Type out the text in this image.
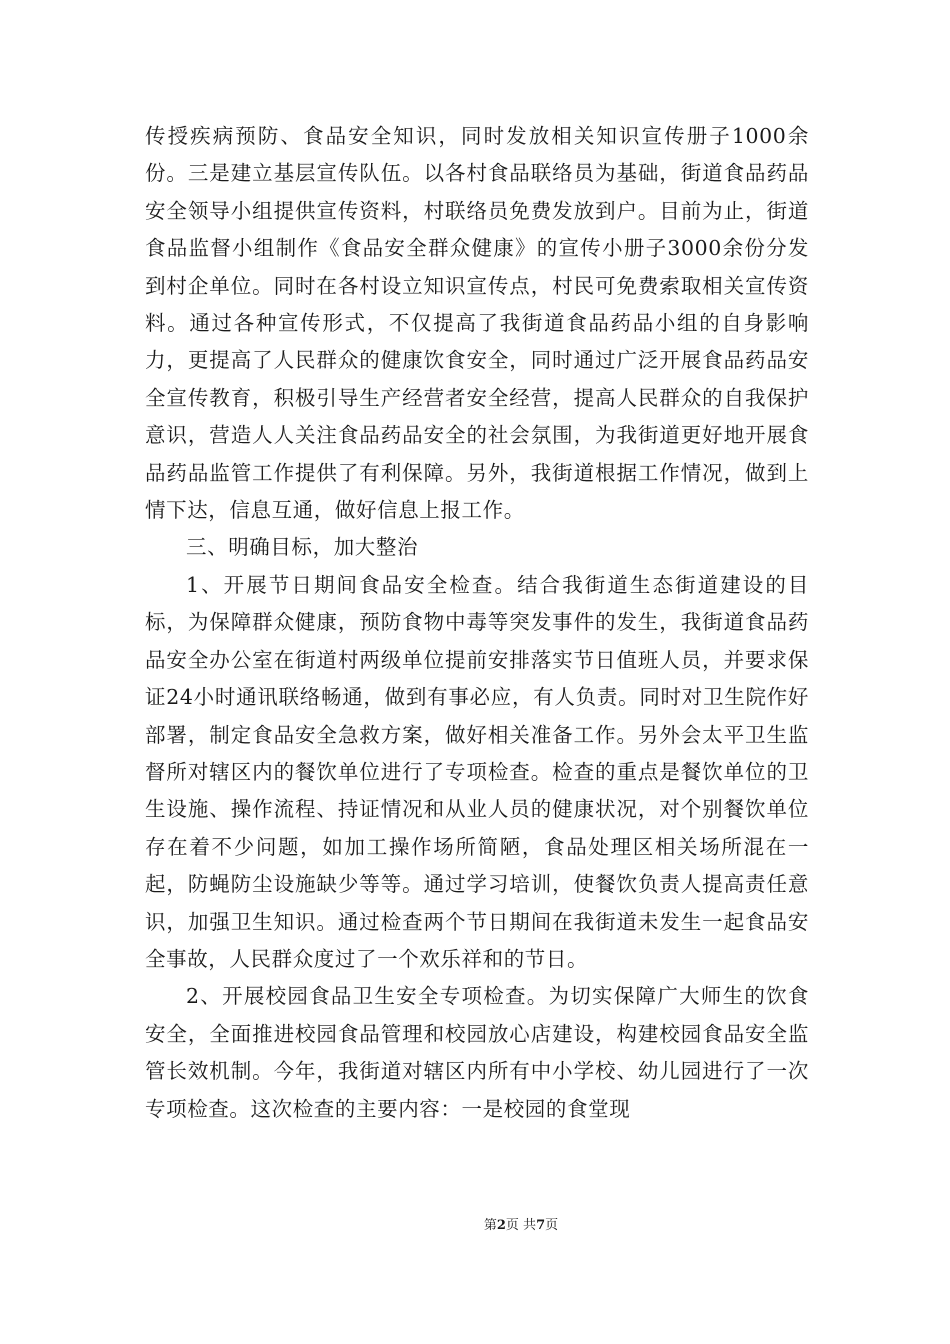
传授疾病预防、食品安全知识，同时发放相关知识宣传册子1000余份。三是建立基层宣传队伍。以各村食品联络员为基础，街道食品药品安全领导小组提供宣传资料，村联络员免费发放到户。目前为止，街道食品监督小组制作《食品安全群众健康》的宣传小册子3000余份分发到村企单位。同时在各村设立知识宣传点，村民可免费索取相关宣传资料。通过各种宣传形式，不仅提高了我街道食品药品小组的自身影响力，更提高了人民群众的健康饮食安全，同时通过广泛开展食品药品安全宣传教育，积极引导生产经营者安全经营，提高人民群众的自我保护意识，营造人人关注食品药品安全的社会氛围，为我街道更好地开展食品药品监管工作提供了有利保障。另外，我街道根据工作情况，做到上情下达，信息互通，做好信息上报工作。

三、明确目标，加大整治

1、开展节日期间食品安全检查。结合我街道生态街道建设的目标，为保障群众健康，预防食物中毒等突发事件的发生，我街道食品药品安全办公室在街道村两级单位提前安排落实节日值班人员，并要求保证24小时通讯联络畅通，做到有事必应，有人负责。同时对卫生院作好部署，制定食品安全急救方案，做好相关准备工作。另外会太平卫生监督所对辖区内的餐饮单位进行了专项检查。检查的重点是餐饮单位的卫生设施、操作流程、持证情况和从业人员的健康状况，对个别餐饮单位存在着不少问题，如加工操作场所简陋，食品处理区相关场所混在一起，防蝇防尘设施缺少等等。通过学习培训，使餐饮负责人提高责任意识，加强卫生知识。通过检查两个节日期间在我街道未发生一起食品安全事故，人民群众度过了一个欢乐祥和的节日。

2、开展校园食品卫生安全专项检查。为切实保障广大师生的饮食安全，全面推进校园食品管理和校园放心店建设，构建校园食品安全监管长效机制。今年，我街道对辖区内所有中小学校、幼儿园进行了一次专项检查。这次检查的主要内容：一是校园的食堂现

第2页 共7页
